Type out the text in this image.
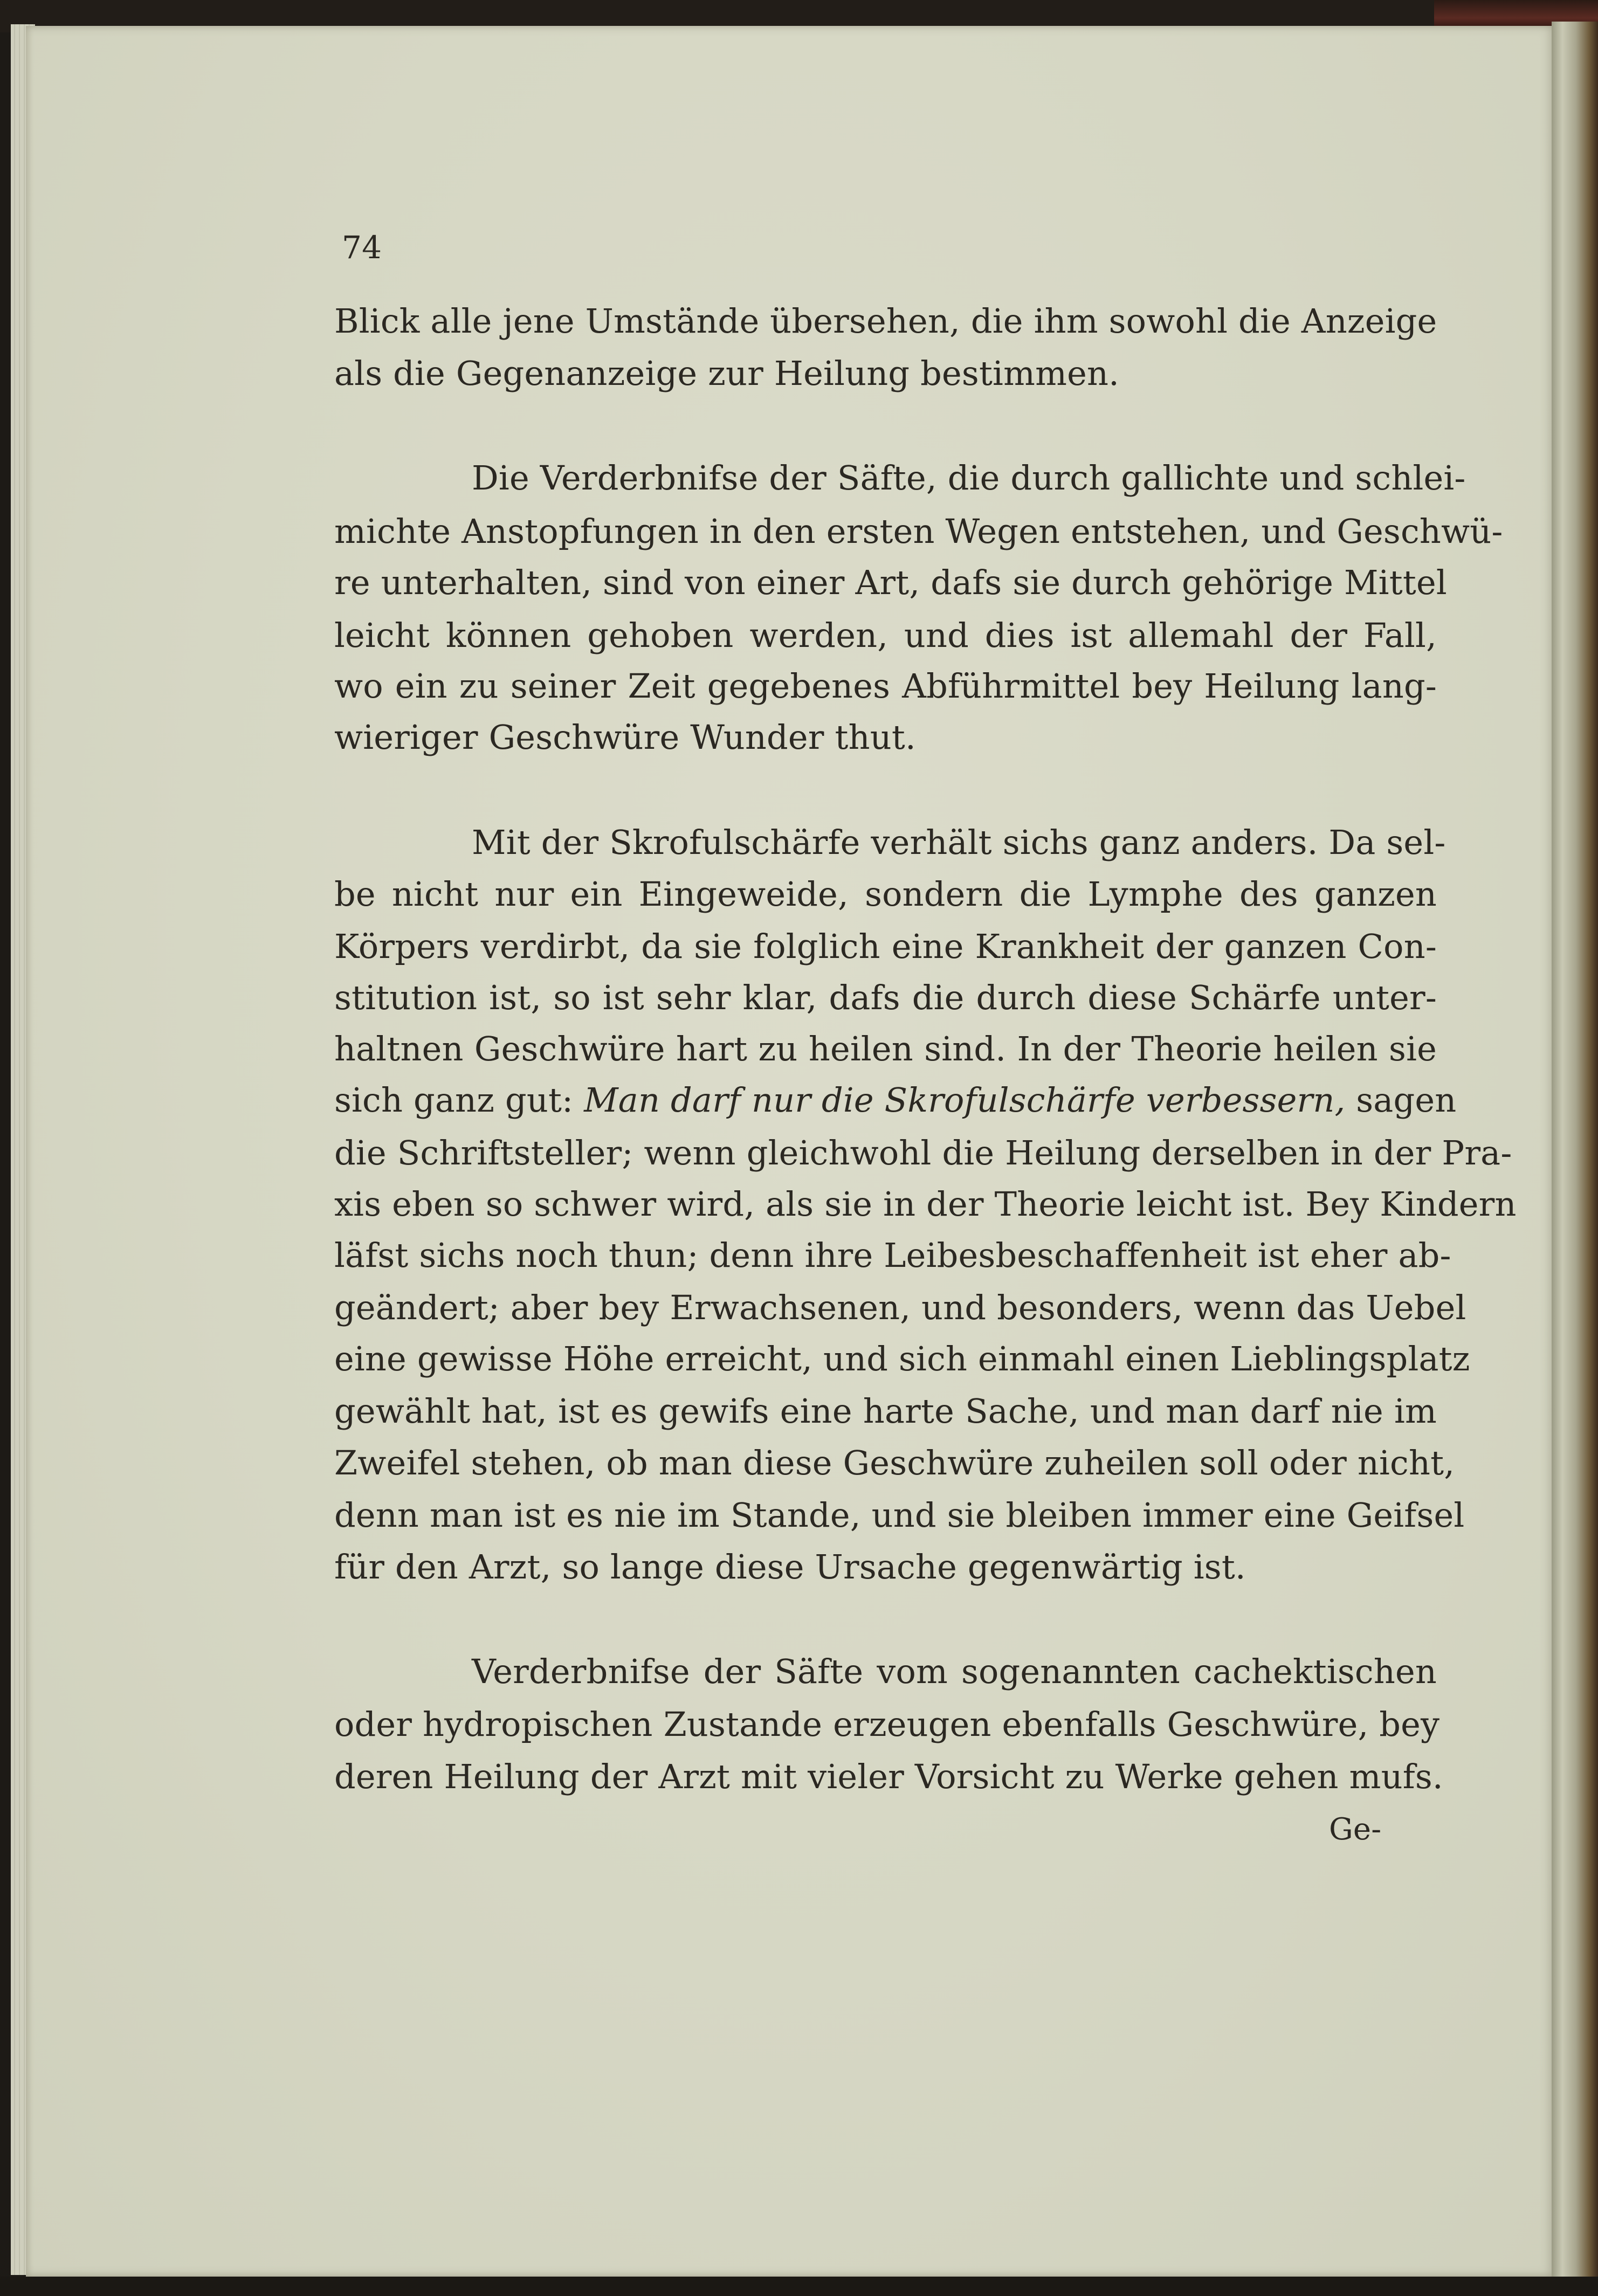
74
Blick alle jene Umstände übersehen, die ihm sowohl die Anzeige
als die Gegenanzeige zur Heilung bestimmen.
Die Verderbnifse der Säfte, die durch gallichte und schlei-
michte Anstopfungen in den ersten Wegen entstehen, und Geschwü-
re unterhalten, sind von einer Art, dafs sie durch gehörige Mittel
leicht können gehoben werden, und dies ist allemahl der Fall,
wo ein zu seiner Zeit gegebenes Abführmittel bey Heilung lang-
wieriger Geschwüre Wunder thut.
Mit der Skrofulschärfe verhält sichs ganz anders. Da sel-
be nicht nur ein Eingeweide, sondern die Lymphe des ganzen
Körpers verdirbt, da sie folglich eine Krankheit der ganzen Con-
stitution ist, so ist sehr klar, dafs die durch diese Schärfe unter-
haltnen Geschwüre hart zu heilen sind. In der Theorie heilen sie
sich ganz gut: Man darf nur die Skrofulschärfe verbessern, sagen
die Schriftsteller; wenn gleichwohl die Heilung derselben in der Pra-
xis eben so schwer wird, als sie in der Theorie leicht ist. Bey Kindern
läfst sichs noch thun; denn ihre Leibesbeschaffenheit ist eher ab-
geändert; aber bey Erwachsenen, und besonders, wenn das Uebel
eine gewisse Höhe erreicht, und sich einmahl einen Lieblingsplatz
gewählt hat, ist es gewifs eine harte Sache, und man darf nie im
Zweifel stehen, ob man diese Geschwüre zuheilen soll oder nicht,
denn man ist es nie im Stande, und sie bleiben immer eine Geifsel
für den Arzt, so lange diese Ursache gegenwärtig ist.
Verderbnifse der Säfte vom sogenannten cachektischen
oder hydropischen Zustande erzeugen ebenfalls Geschwüre, bey
deren Heilung der Arzt mit vieler Vorsicht zu Werke gehen mufs.
Ge-
